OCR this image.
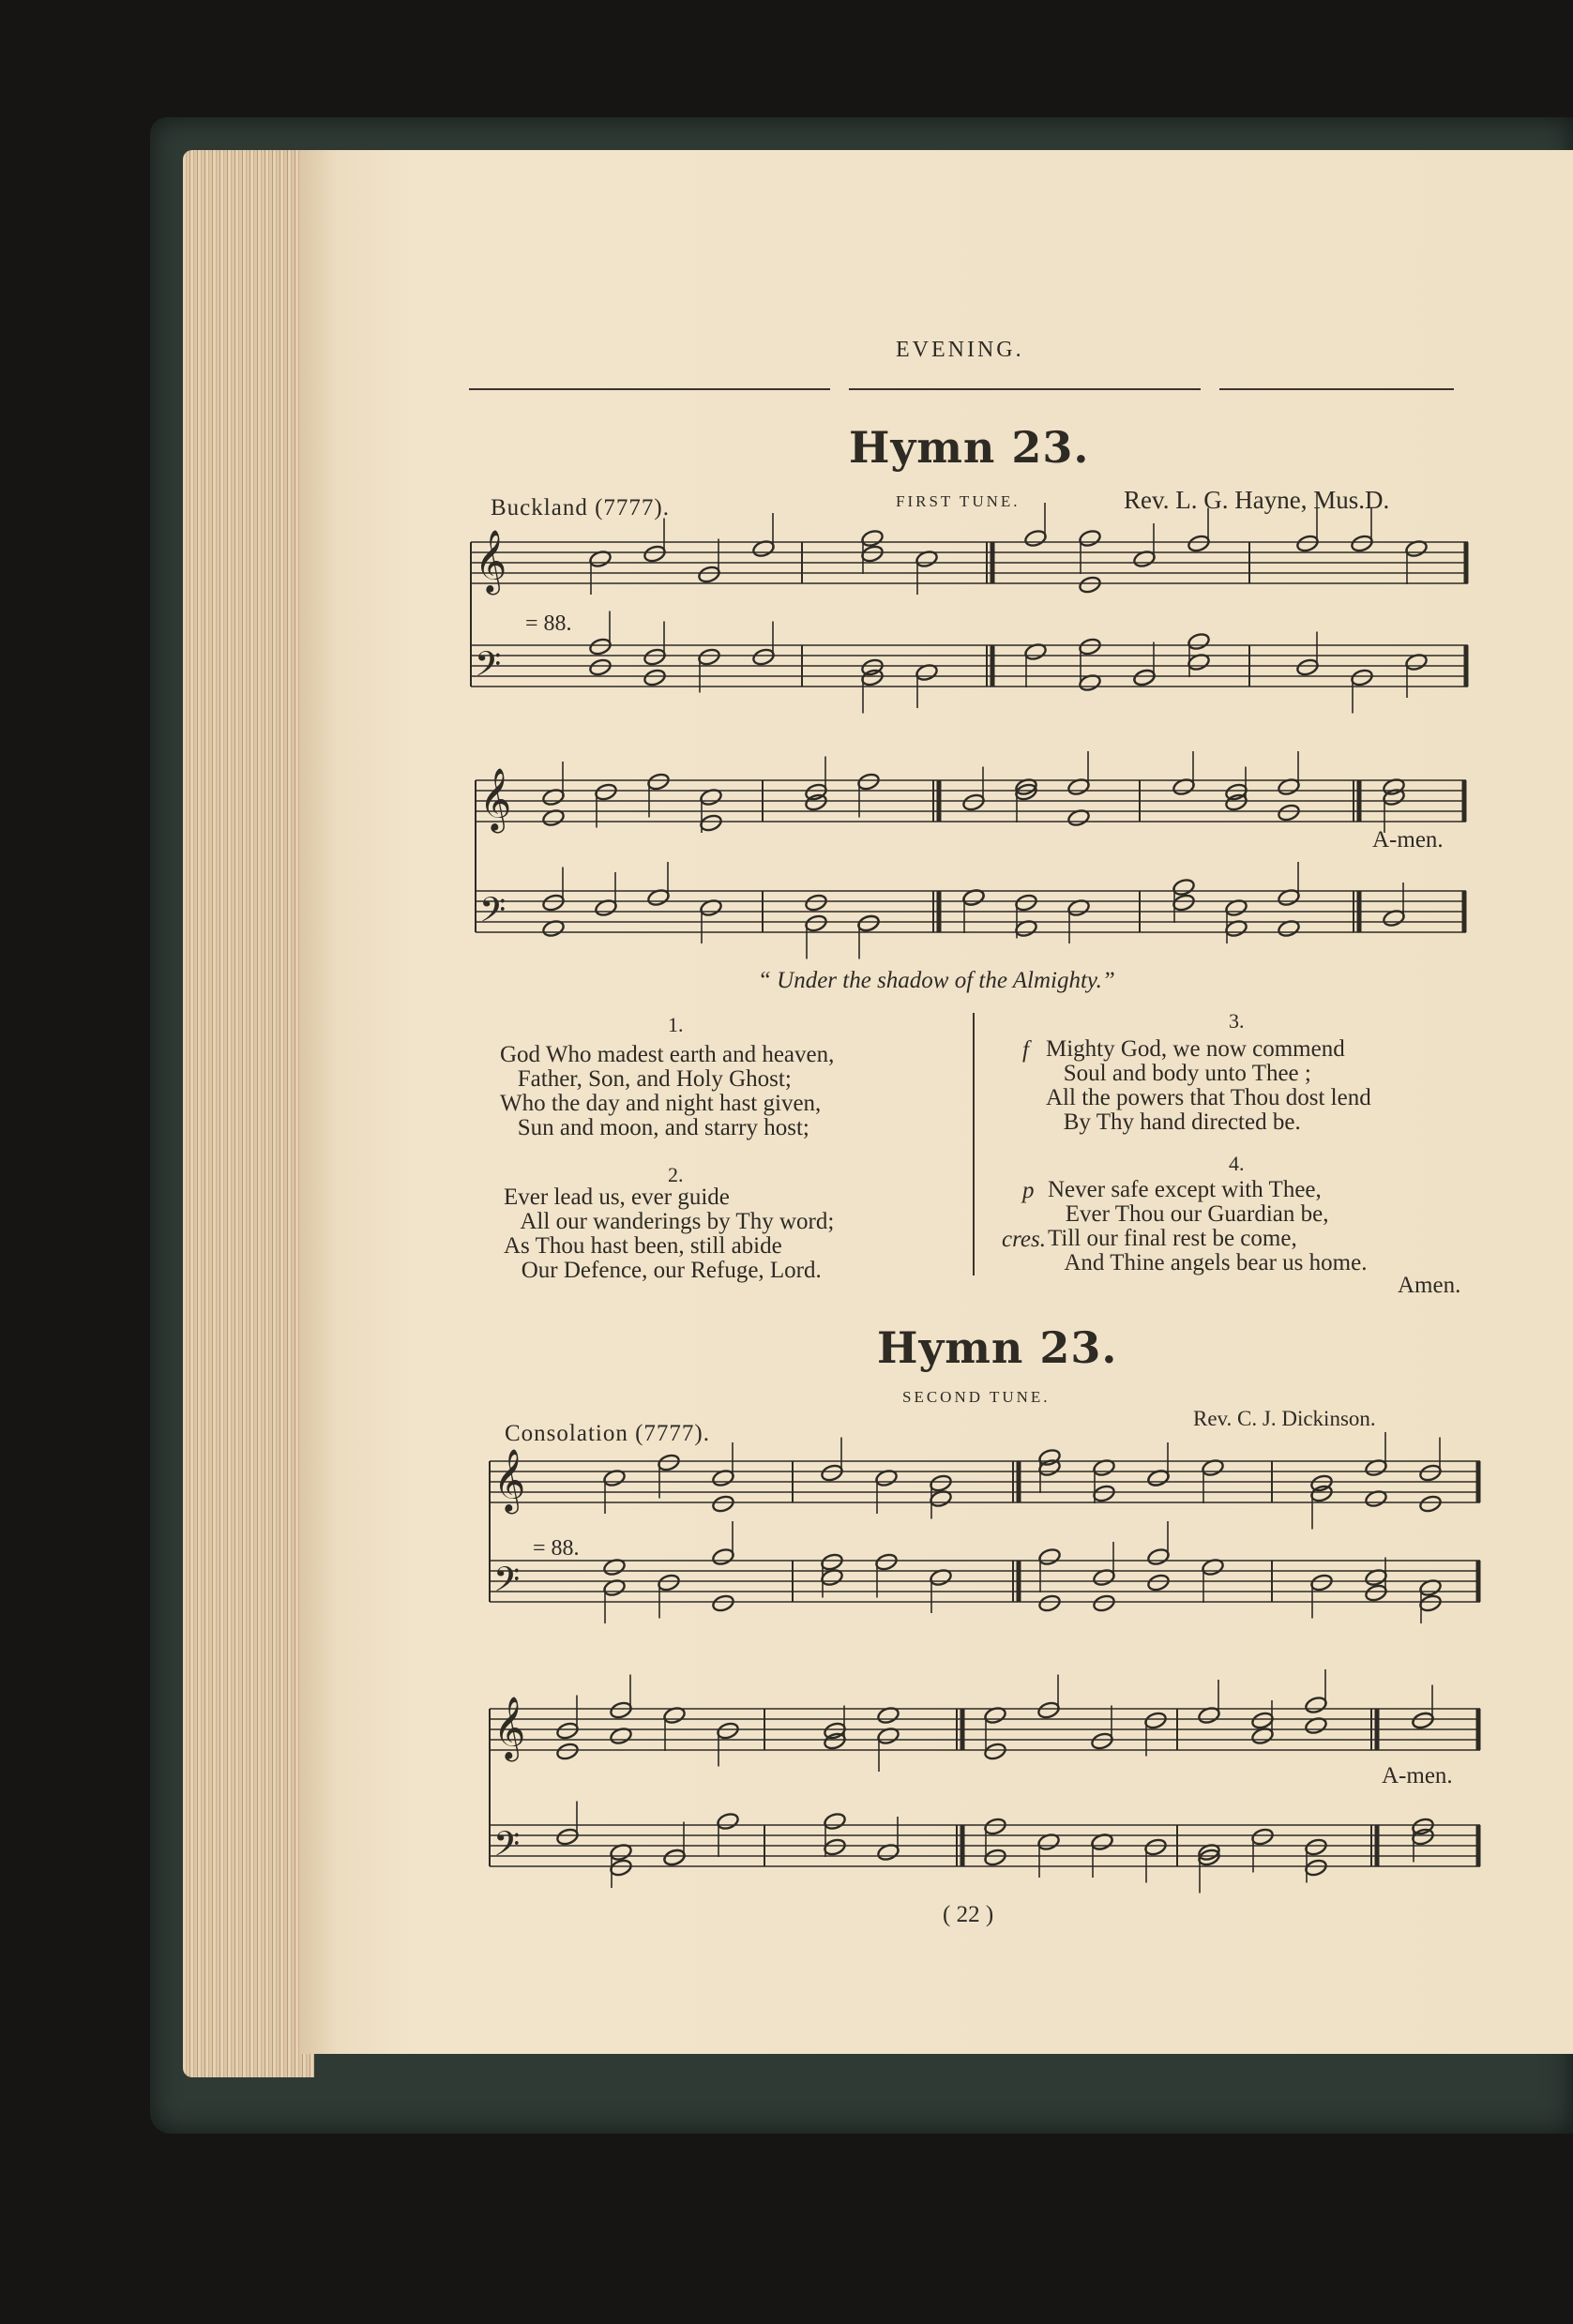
EVENING.
Hymn 23.
FIRST TUNE.
Buckland (7777).	Rev. L. G. Hayne, Mus.D.
= 88.
A-men.
𝄞
𝄢
𝄞
𝄢
𝄞
𝄢
𝄞
𝄢
“ Under the shadow of the Almighty.”
1.
God Who madest earth and heaven,
Father, Son, and Holy Ghost;
Who the day and night hast given,
Sun and moon, and starry host;
2.
Ever lead us, ever guide
All our wanderings by Thy word;
As Thou hast been, still abide
Our Defence, our Refuge, Lord.
3.
f Mighty God, we now commend
Soul and body unto Thee ;
All the powers that Thou dost lend
By Thy hand directed be.
4.
p
cres.
Never safe except with Thee,
Ever Thou our Guardian be,
Till our final rest be come,
And Thine angels bear us home.
Amen.
Hymn 23.
SECOND TUNE.
Consolation (7777).
Rev. C. J. Dickinson.
= 88.
A-men.
( 22 )
